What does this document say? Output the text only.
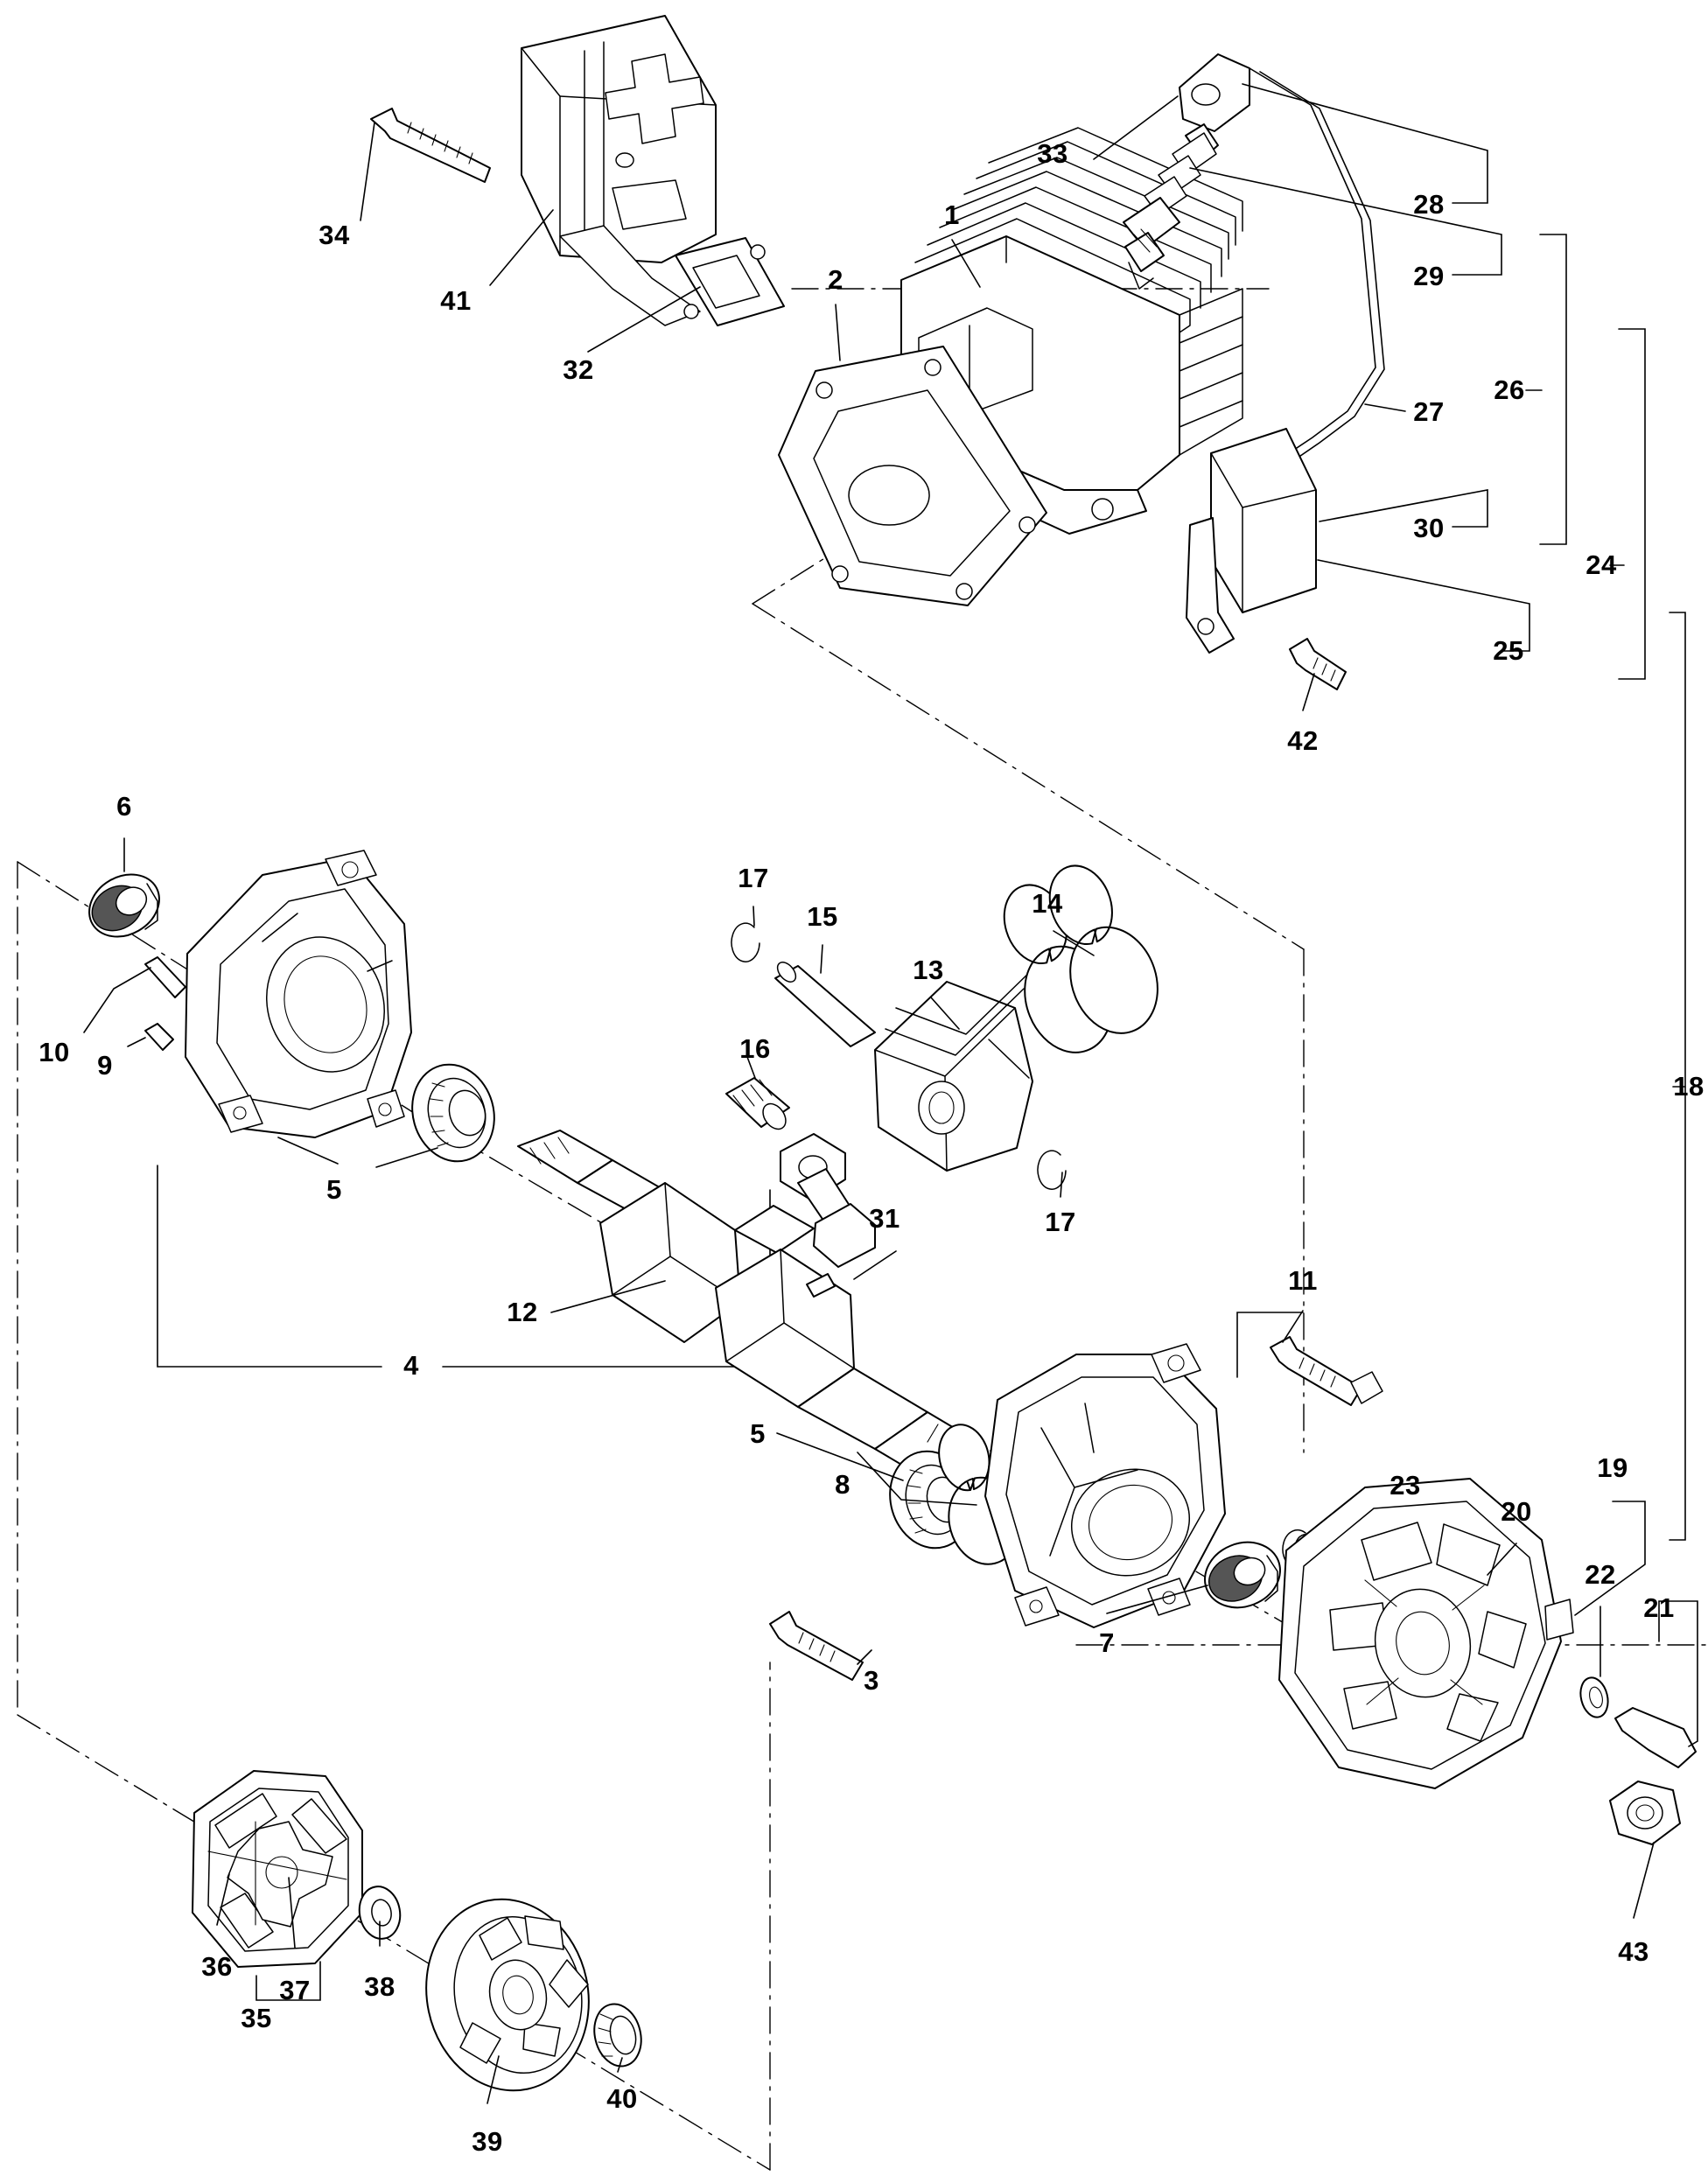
1
2
3
4
5
5
6
7
8
9
10
11
12
13
14
15
16
17
17
18
19
20
21
22
23
24
25
26
27
28
29
30
31
32
33
34
35
36
37 38
39
40
41
42
43
